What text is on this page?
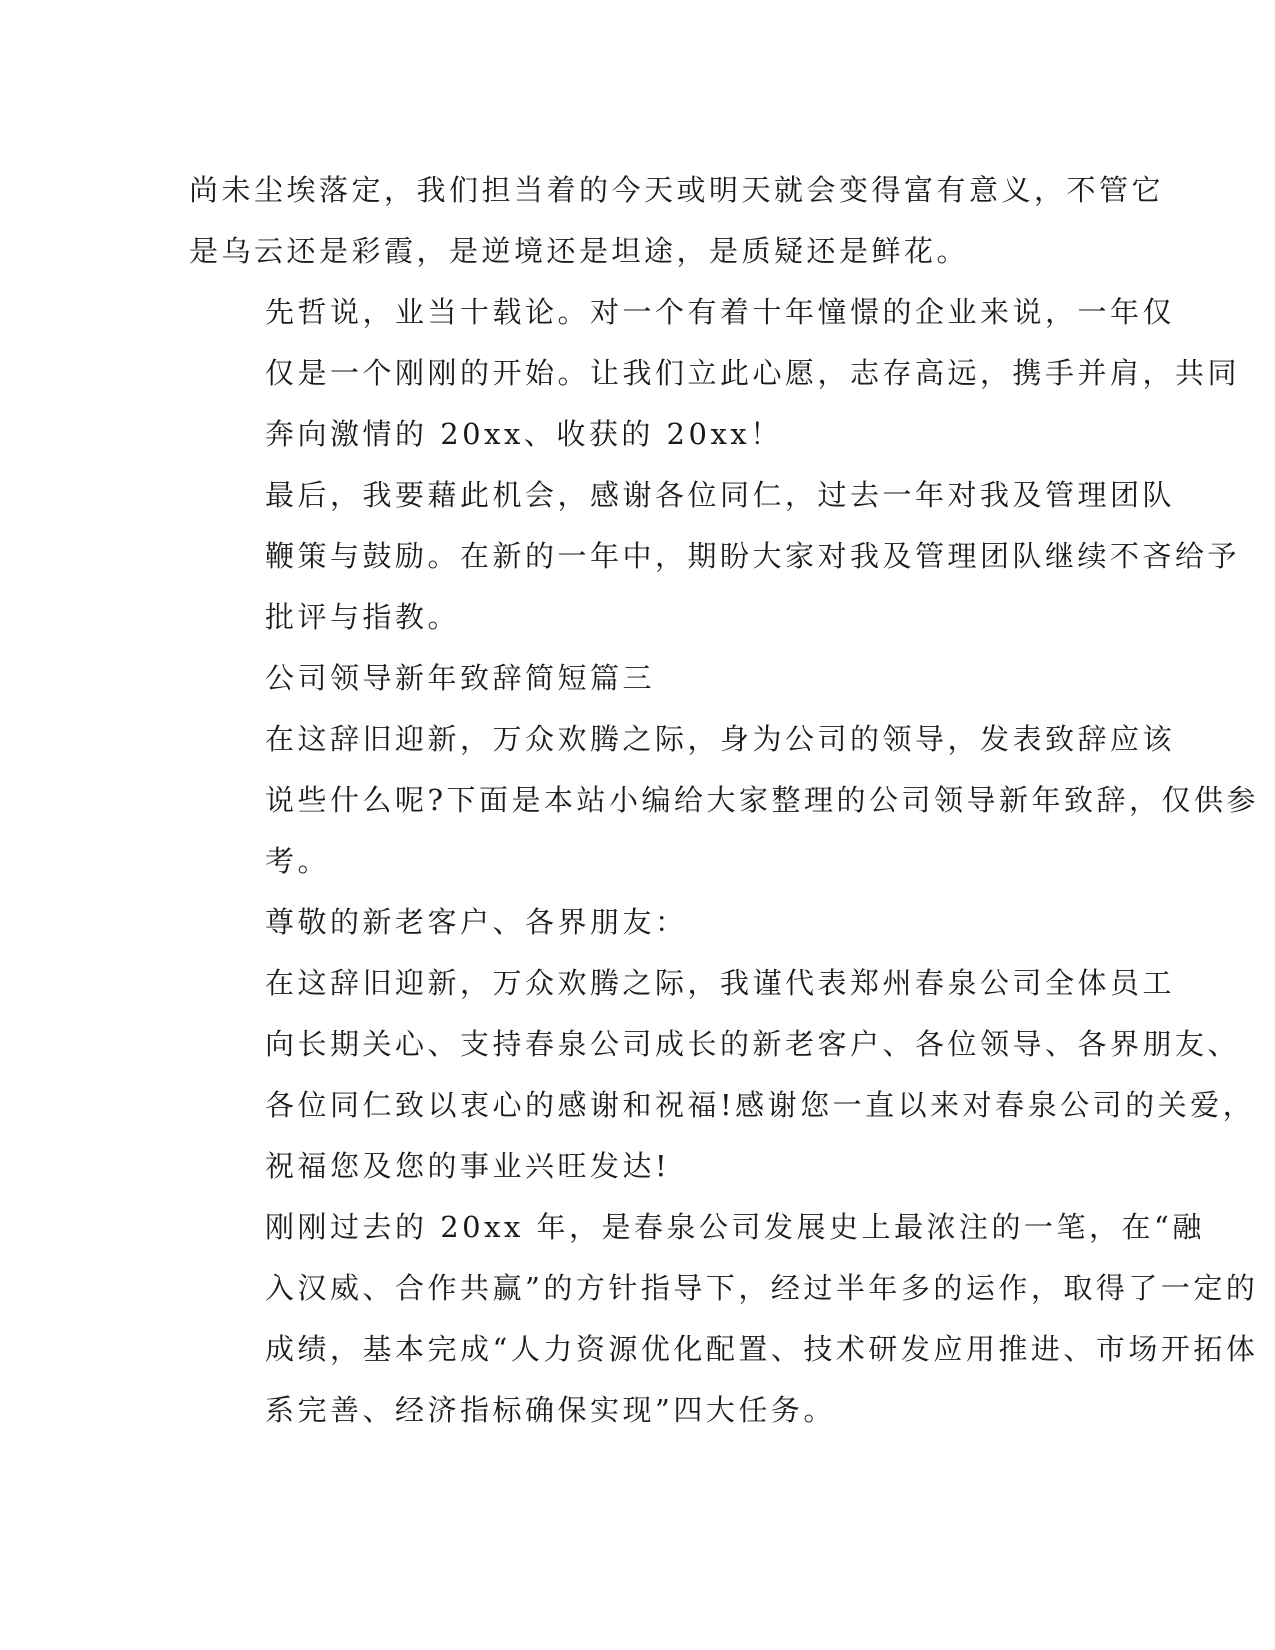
尚未尘埃落定，我们担当着的今天或明天就会变得富有意义，不管它
是乌云还是彩霞，是逆境还是坦途，是质疑还是鲜花。
先哲说，业当十载论。对一个有着十年憧憬的企业来说，一年仅
仅是一个刚刚的开始。让我们立此心愿，志存高远，携手并肩，共同
奔向激情的 20xx、收获的 20xx！
最后，我要藉此机会，感谢各位同仁，过去一年对我及管理团队
鞭策与鼓励。在新的一年中，期盼大家对我及管理团队继续不吝给予
批评与指教。
公司领导新年致辞简短篇三
在这辞旧迎新，万众欢腾之际，身为公司的领导，发表致辞应该
说些什么呢?下面是本站小编给大家整理的公司领导新年致辞，仅供参
考。
尊敬的新老客户、各界朋友：
在这辞旧迎新，万众欢腾之际，我谨代表郑州春泉公司全体员工
向长期关心、支持春泉公司成长的新老客户、各位领导、各界朋友、
各位同仁致以衷心的感谢和祝福!感谢您一直以来对春泉公司的关爱，
祝福您及您的事业兴旺发达!
刚刚过去的 20xx 年，是春泉公司发展史上最浓注的一笔，在“融
入汉威、合作共赢”的方针指导下，经过半年多的运作，取得了一定的
成绩，基本完成“人力资源优化配置、技术研发应用推进、市场开拓体
系完善、经济指标确保实现”四大任务。
